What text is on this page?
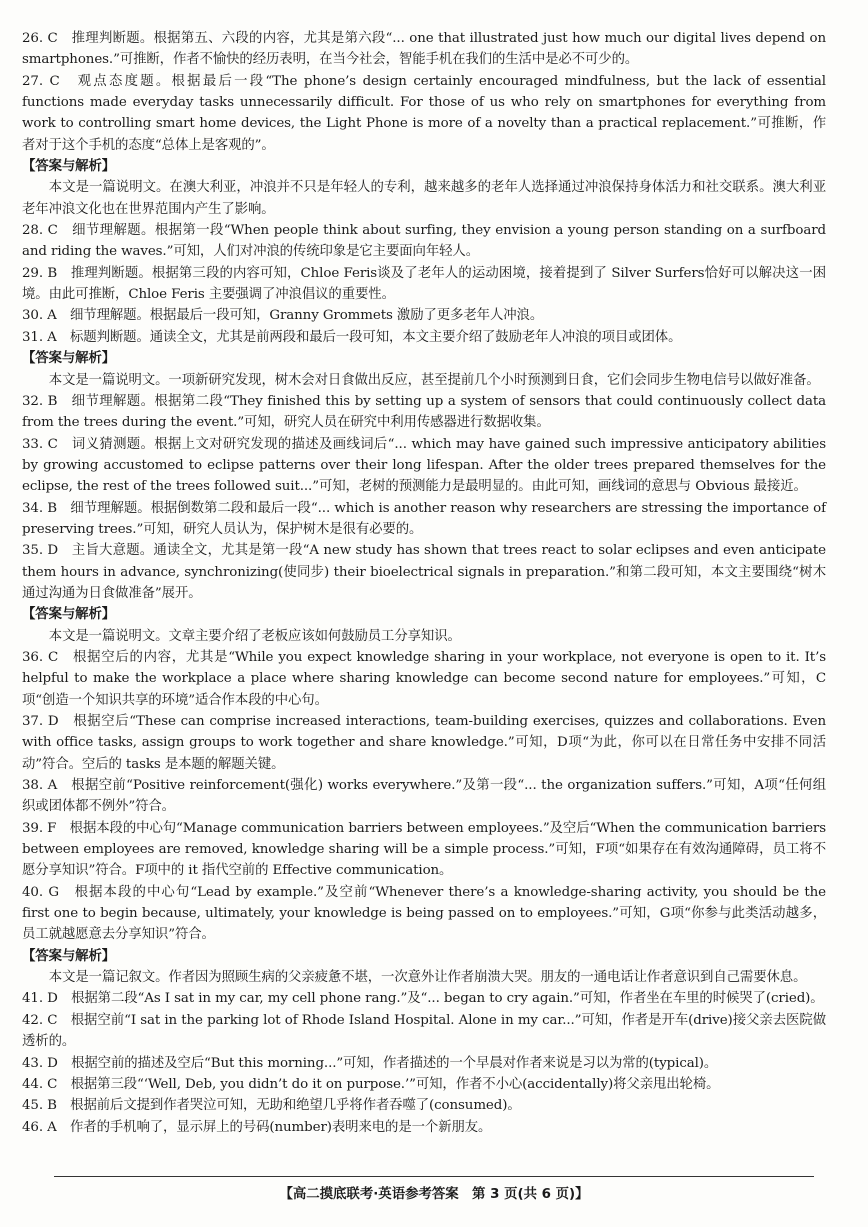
26. C　推理判断题。根据第五、六段的内容，尤其是第六段“... one that illustrated just how much our digital lives depend on smartphones.”可推断，作者不愉快的经历表明，在当今社会，智能手机在我们的生活中是必不可少的。

27. C　观点态度题。根据最后一段“The phone’s design certainly encouraged mindfulness, but the lack of essential functions made everyday tasks unnecessarily difficult. For those of us who rely on smartphones for everything from work to controlling smart home devices, the Light Phone is more of a novelty than a practical replacement.”可推断，作者对于这个手机的态度“总体上是客观的”。

【答案与解析】

本文是一篇说明文。在澳大利亚，冲浪并不只是年轻人的专利，越来越多的老年人选择通过冲浪保持身体活力和社交联系。澳大利亚老年冲浪文化也在世界范围内产生了影响。

28. C　细节理解题。根据第一段“When people think about surfing, they envision a young person standing on a surfboard and riding the waves.”可知，人们对冲浪的传统印象是它主要面向年轻人。

29. B　推理判断题。根据第三段的内容可知，Chloe Feris谈及了老年人的运动困境，接着提到了 Silver Surfers恰好可以解决这一困境。由此可推断，Chloe Feris 主要强调了冲浪倡议的重要性。

30. A　细节理解题。根据最后一段可知，Granny Grommets 激励了更多老年人冲浪。

31. A　标题判断题。通读全文，尤其是前两段和最后一段可知，本文主要介绍了鼓励老年人冲浪的项目或团体。

【答案与解析】

本文是一篇说明文。一项新研究发现，树木会对日食做出反应，甚至提前几个小时预测到日食，它们会同步生物电信号以做好准备。

32. B　细节理解题。根据第二段“They finished this by setting up a system of sensors that could continuously collect data from the trees during the event.”可知，研究人员在研究中利用传感器进行数据收集。

33. C　词义猜测题。根据上文对研究发现的描述及画线词后“... which may have gained such impressive anticipatory abilities by growing accustomed to eclipse patterns over their long lifespan. After the older trees prepared themselves for the eclipse, the rest of the trees followed suit...”可知，老树的预测能力是最明显的。由此可知，画线词的意思与 Obvious 最接近。

34. B　细节理解题。根据倒数第二段和最后一段“... which is another reason why researchers are stressing the importance of preserving trees.”可知，研究人员认为，保护树木是很有必要的。

35. D　主旨大意题。通读全文，尤其是第一段“A new study has shown that trees react to solar eclipses and even anticipate them hours in advance, synchronizing(使同步) their bioelectrical signals in preparation.”和第二段可知，本文主要围绕“树木通过沟通为日食做准备”展开。

【答案与解析】

本文是一篇说明文。文章主要介绍了老板应该如何鼓励员工分享知识。

36. C　根据空后的内容，尤其是“While you expect knowledge sharing in your workplace, not everyone is open to it. It’s helpful to make the workplace a place where sharing knowledge can become second nature for employees.”可知，C项“创造一个知识共享的环境”适合作本段的中心句。

37. D　根据空后“These can comprise increased interactions, team-building exercises, quizzes and collaborations. Even with office tasks, assign groups to work together and share knowledge.”可知，D项“为此，你可以在日常任务中安排不同活动”符合。空后的 tasks 是本题的解题关键。

38. A　根据空前“Positive reinforcement(强化) works everywhere.”及第一段“... the organization suffers.”可知，A项“任何组织或团体都不例外”符合。

39. F　根据本段的中心句“Manage communication barriers between employees.”及空后“When the communication barriers between employees are removed, knowledge sharing will be a simple process.”可知，F项“如果存在有效沟通障碍，员工将不愿分享知识”符合。F项中的 it 指代空前的 Effective communication。

40. G　根据本段的中心句“Lead by example.”及空前“Whenever there’s a knowledge-sharing activity, you should be the first one to begin because, ultimately, your knowledge is being passed on to employees.”可知，G项“你参与此类活动越多，员工就越愿意去分享知识”符合。

【答案与解析】

本文是一篇记叙文。作者因为照顾生病的父亲疲惫不堪，一次意外让作者崩溃大哭。朋友的一通电话让作者意识到自己需要休息。

41. D　根据第二段“As I sat in my car, my cell phone rang.”及“... began to cry again.”可知，作者坐在车里的时候哭了(cried)。

42. C　根据空前“I sat in the parking lot of Rhode Island Hospital. Alone in my car...”可知，作者是开车(drive)接父亲去医院做透析的。

43. D　根据空前的描述及空后“But this morning...”可知，作者描述的一个早晨对作者来说是习以为常的(typical)。

44. C　根据第三段“‘Well, Deb, you didn’t do it on purpose.’”可知，作者不小心(accidentally)将父亲甩出轮椅。

45. B　根据前后文提到作者哭泣可知，无助和绝望几乎将作者吞噬了(consumed)。

46. A　作者的手机响了，显示屏上的号码(number)表明来电的是一个新朋友。

【高二摸底联考·英语参考答案　第 3 页(共 6 页)】
